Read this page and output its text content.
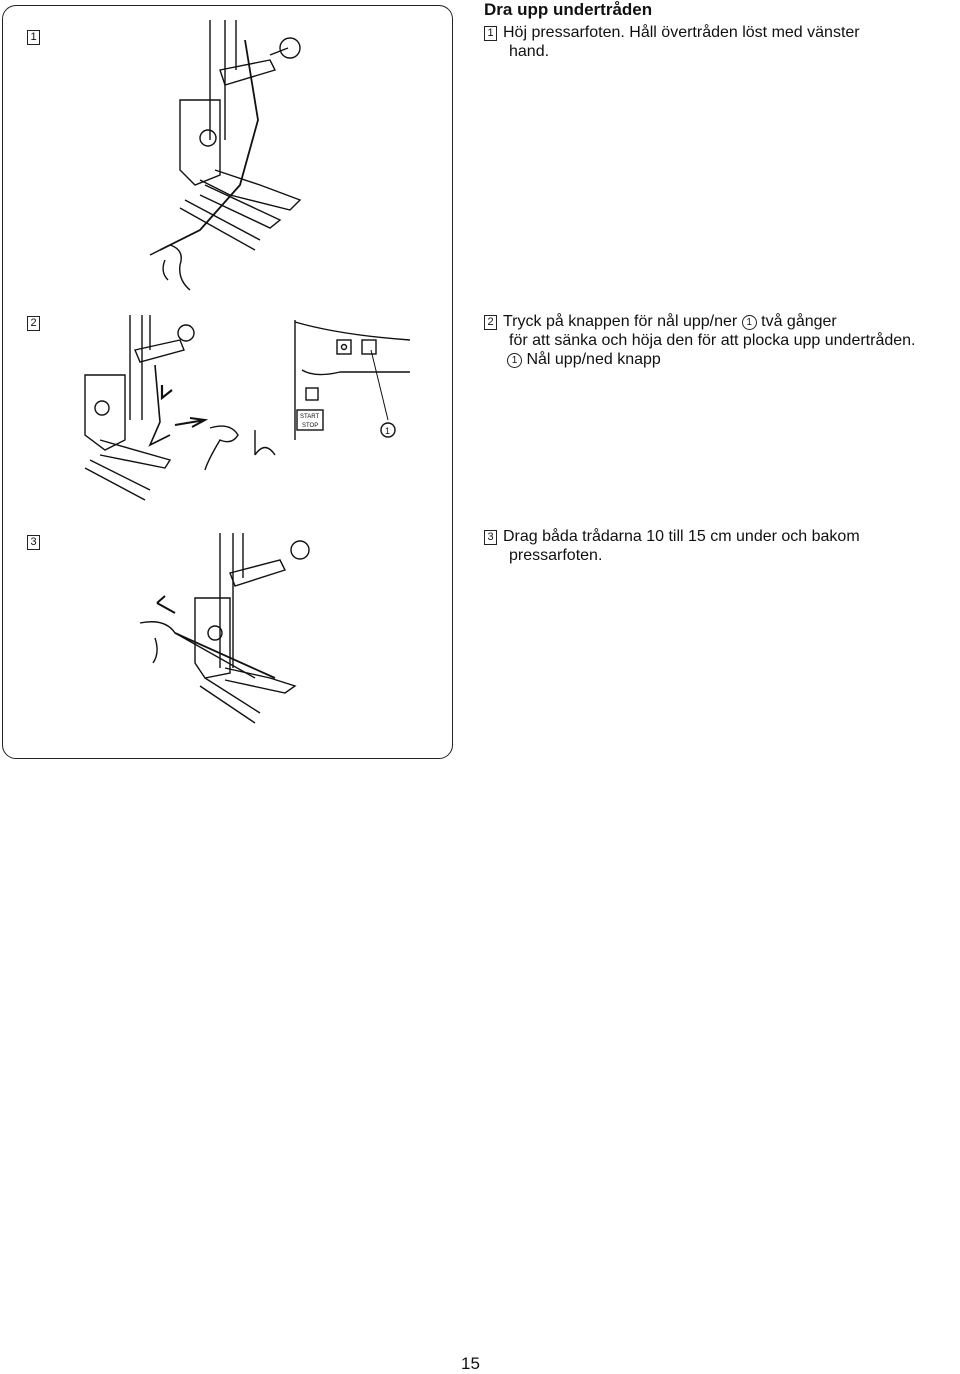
1
2
3
START
STOP	1
Dra upp undertråden
1 Höj pressarfoten. Håll övertråden löst med vänster
hand.
2 Tryck på knappen för nål upp/ner 1 två gånger
för att sänka och höja den för att plocka upp undertråden.
1 Nål upp/ned knapp
3 Drag båda trådarna 10 till 15 cm under och bakom
pressarfoten.
15
